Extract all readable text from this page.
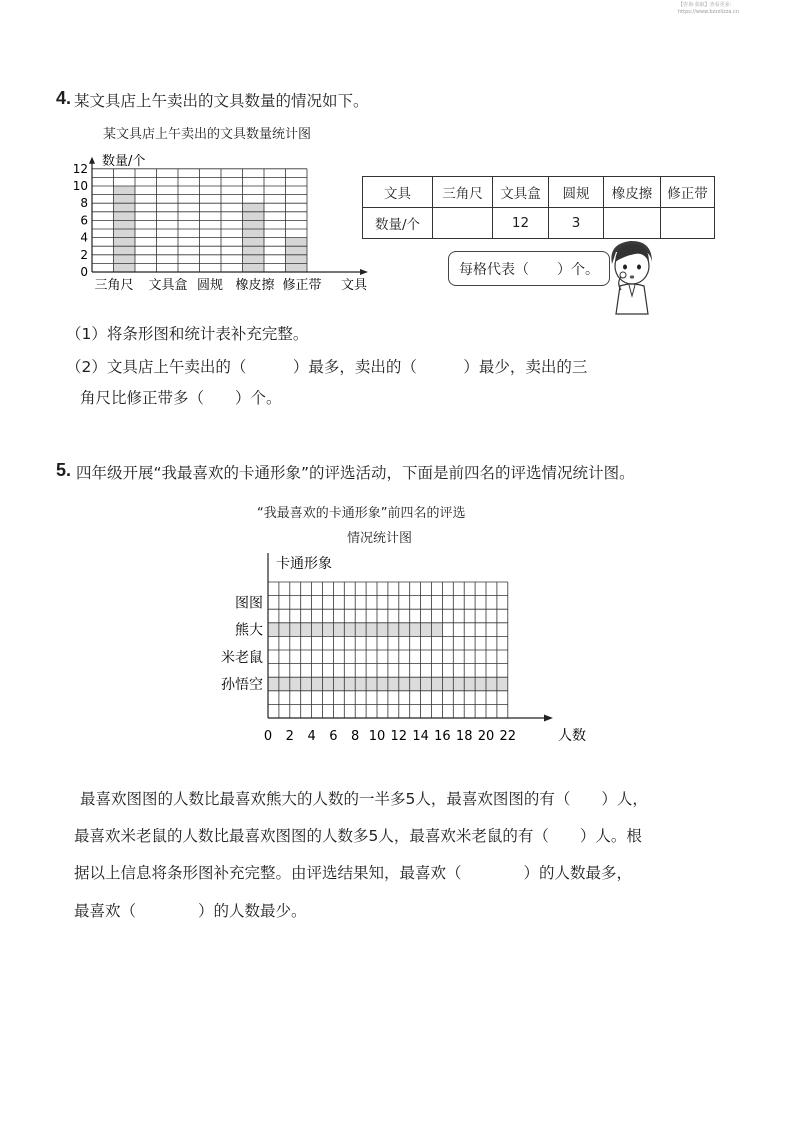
【咨询·获取】查看更多:
https://www.bzzzlizza.cn
4. 某文具店上午卖出的文具数量的情况如下。
某文具店上午卖出的文具数量统计图
0
2
4
6
8
10
12 数量/个
三角尺 文具盒 圆规 橡皮擦 修正带 文具
文具	三角尺	文具盒	圆规	橡皮擦	修正带
数量/个		12	3		
每格代表（　　）个。
（1）将条形图和统计表补充完整。
（2）文具店上午卖出的（　　　）最多，卖出的（　　　）最少，卖出的三
角尺比修正带多（　　）个。
5. 四年级开展“我最喜欢的卡通形象”的评选活动，下面是前四名的评选情况统计图。
“我最喜欢的卡通形象”前四名的评选
情况统计图
卡通形象
图图
熊大
米老鼠
孙悟空
0 2 4 6 8 10 12 14 16 18 20 22	人数
最喜欢图图的人数比最喜欢熊大的人数的一半多5人，最喜欢图图的有（　　）人，
最喜欢米老鼠的人数比最喜欢图图的人数多5人，最喜欢米老鼠的有（　　）人。根
据以上信息将条形图补充完整。由评选结果知，最喜欢（　　　　）的人数最多，
最喜欢（　　　　）的人数最少。
